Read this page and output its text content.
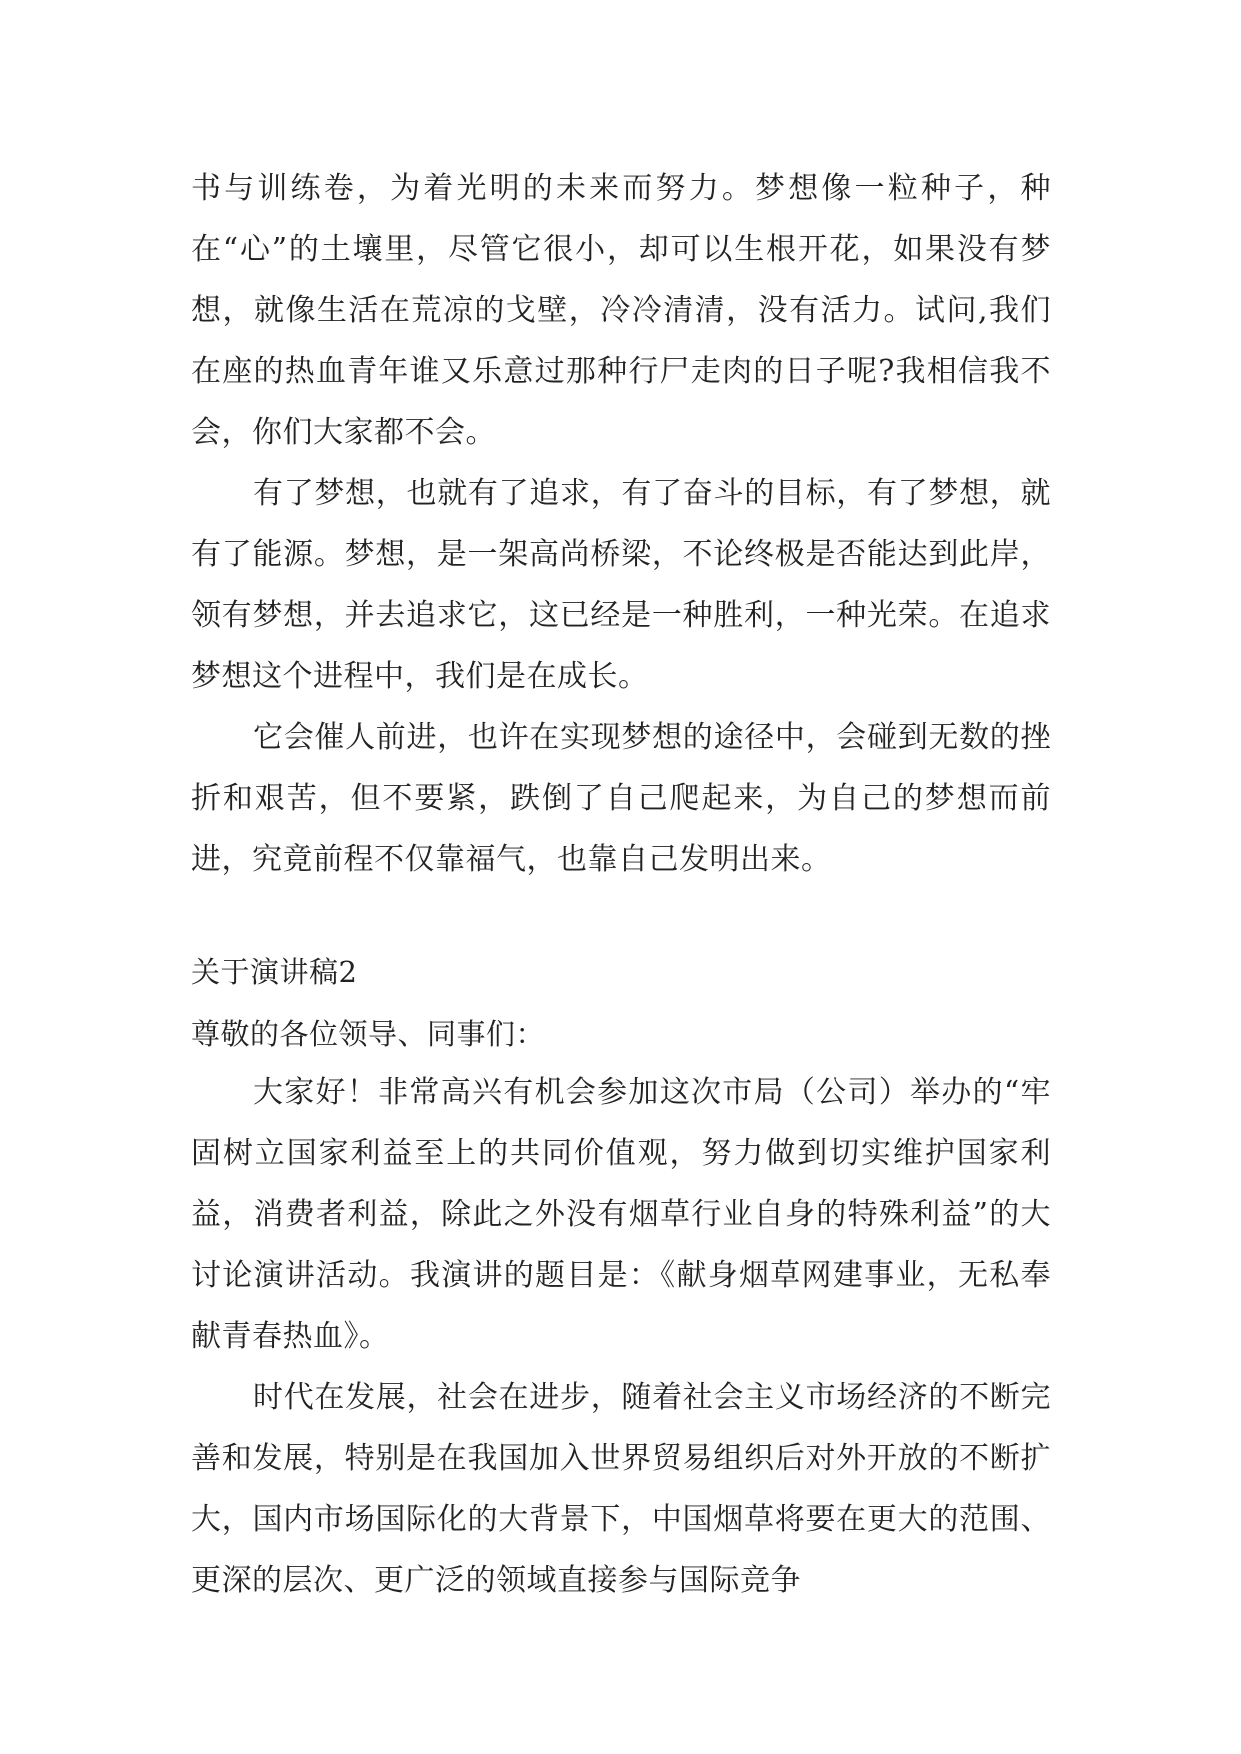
书与训练卷，为着光明的未来而努力。梦想像一粒种子，种在“心”的土壤里，尽管它很小，却可以生根开花，如果没有梦想，就像生活在荒凉的戈壁，冷冷清清，没有活力。试问,我们在座的热血青年谁又乐意过那种行尸走肉的日子呢?我相信我不会，你们大家都不会。

有了梦想，也就有了追求，有了奋斗的目标，有了梦想，就有了能源。梦想，是一架高尚桥梁，不论终极是否能达到此岸，领有梦想，并去追求它，这已经是一种胜利，一种光荣。在追求梦想这个进程中，我们是在成长。

它会催人前进，也许在实现梦想的途径中，会碰到无数的挫折和艰苦，但不要紧，跌倒了自己爬起来，为自己的梦想而前进，究竟前程不仅靠福气，也靠自己发明出来。

关于演讲稿2

尊敬的各位领导、同事们：

大家好！非常高兴有机会参加这次市局（公司）举办的“牢固树立国家利益至上的共同价值观，努力做到切实维护国家利益，消费者利益，除此之外没有烟草行业自身的特殊利益”的大讨论演讲活动。我演讲的题目是：《献身烟草网建事业，无私奉献青春热血》。

时代在发展，社会在进步，随着社会主义市场经济的不断完善和发展，特别是在我国加入世界贸易组织后对外开放的不断扩大，国内市场国际化的大背景下，中国烟草将要在更大的范围、更深的层次、更广泛的领域直接参与国际竞争
